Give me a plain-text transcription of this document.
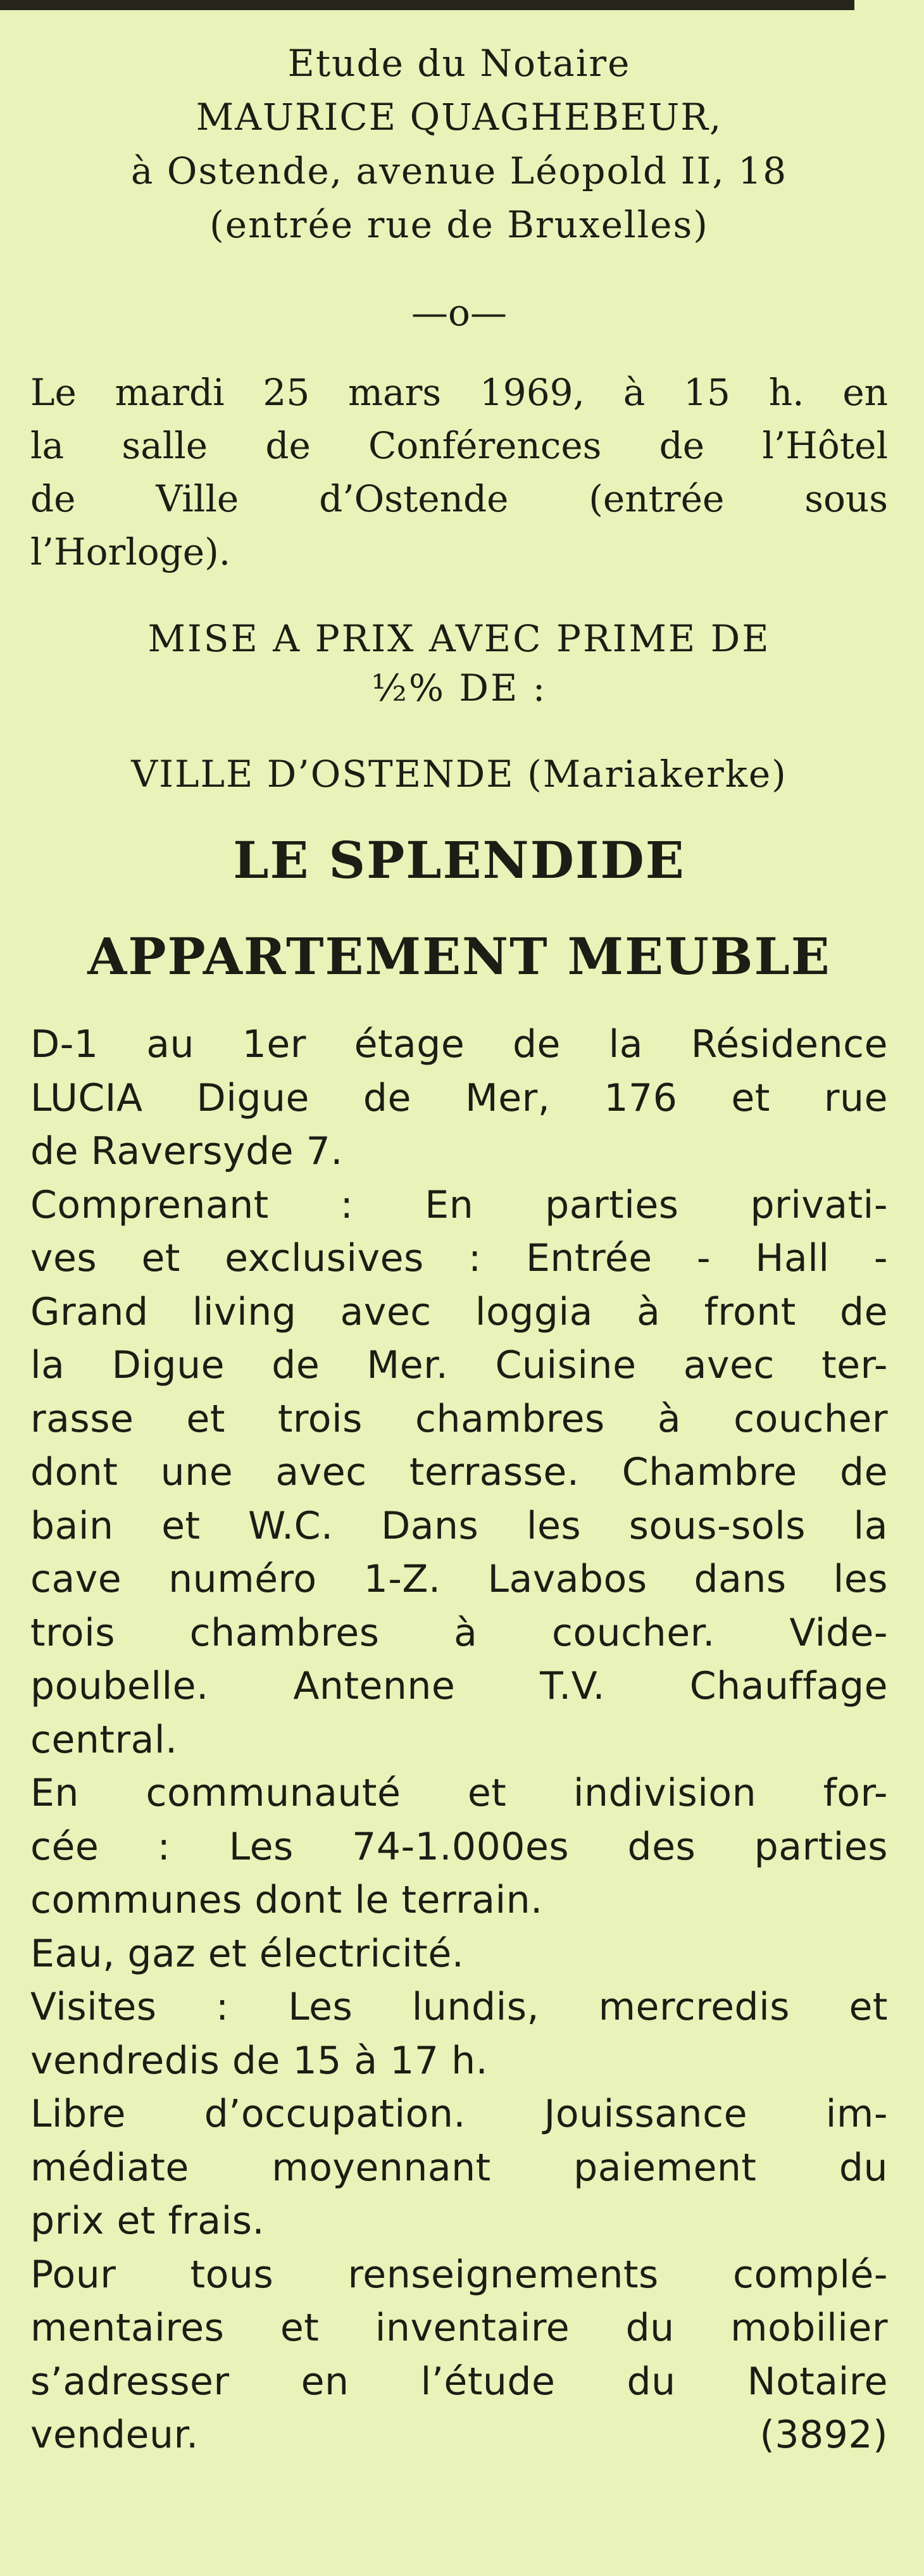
Etude du Notaire
MAURICE QUAGHEBEUR,
à Ostende, avenue Léopold II, 18
(entrée rue de Bruxelles)
—o—
Le mardi 25 mars 1969, à 15 h. en
la salle de Conférences de l’Hôtel
de Ville d’Ostende (entrée sous
l’Horloge).
MISE A PRIX AVEC PRIME DE
½% DE :
VILLE D’OSTENDE (Mariakerke)
LE SPLENDIDE
APPARTEMENT MEUBLE
D-1 au 1er étage de la Résidence
LUCIA Digue de Mer, 176 et rue
de Raversyde 7.
Comprenant : En parties privati-
ves et exclusives : Entrée - Hall -
Grand living avec loggia à front de
la Digue de Mer. Cuisine avec ter-
rasse et trois chambres à coucher
dont une avec terrasse. Chambre de
bain et W.C. Dans les sous-sols la
cave numéro 1-Z. Lavabos dans les
trois chambres à coucher. Vide-
poubelle. Antenne T.V. Chauffage
central.
En communauté et indivision for-
cée : Les 74-1.000es des parties
communes dont le terrain.
Eau, gaz et électricité.
Visites : Les lundis, mercredis et
vendredis de 15 à 17 h.
Libre d’occupation. Jouissance im-
médiate moyennant paiement du
prix et frais.
Pour tous renseignements complé-
mentaires et inventaire du mobilier
s’adresser en l’étude du Notaire
vendeur.	(3892)
